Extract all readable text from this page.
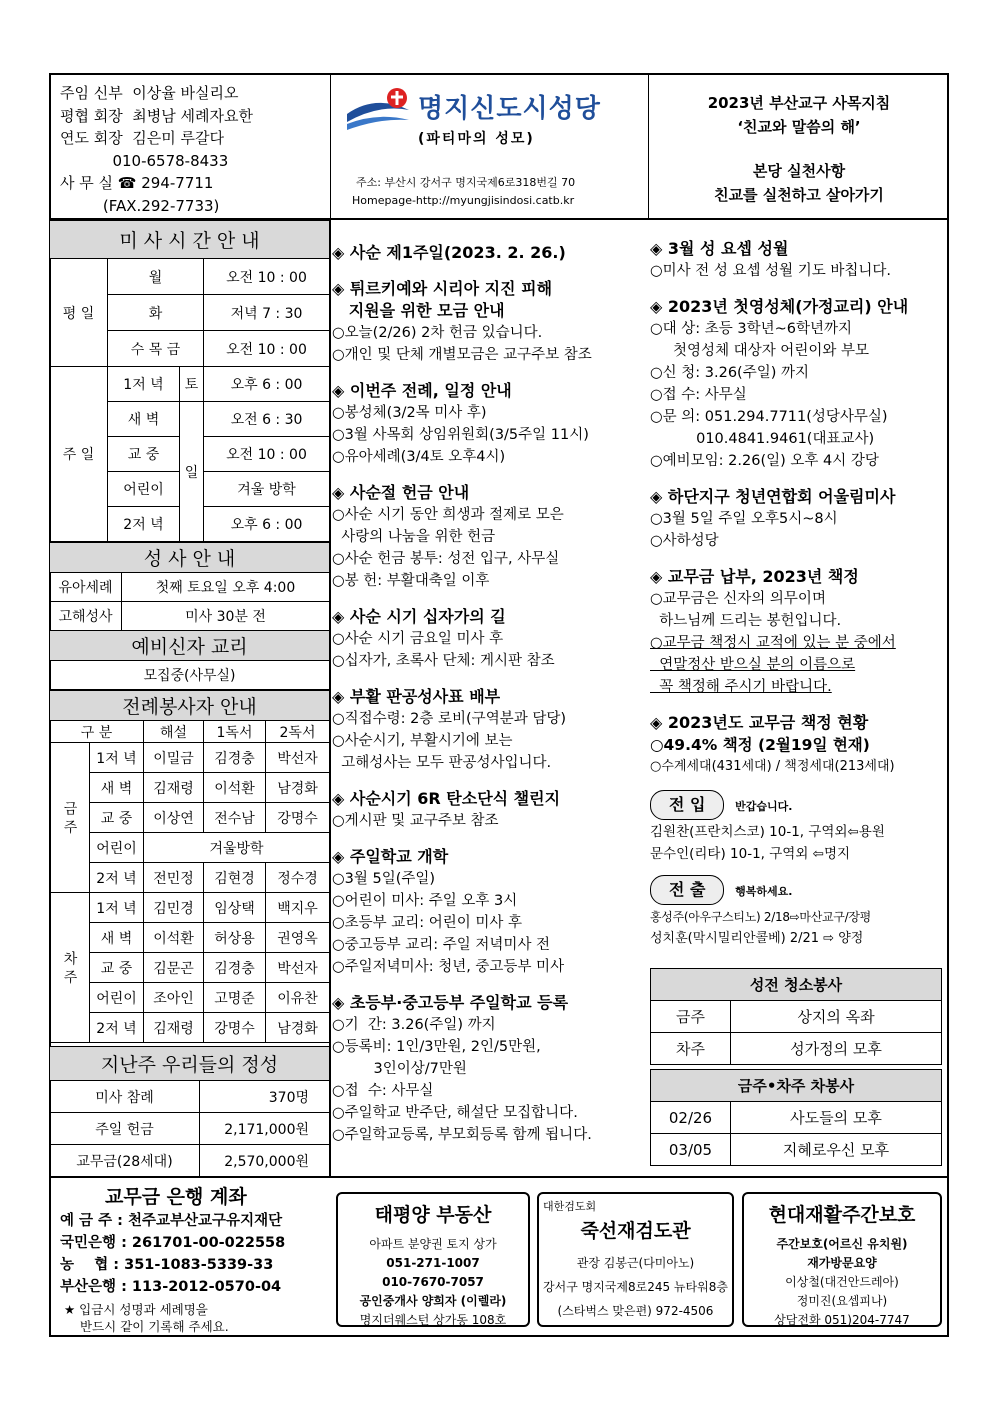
주임 신부  이상율 바실리오
평협 회장  최병남 세례자요한
연도 회장  김은미 루갈다
010-6578-8433
사 무 실 ☎ 294-7711
(FAX.292-7733)
명지신도시성당
(파티마의 성모)
주소: 부산시 강서구 명지국제6로318번길 70
Homepage-http://myungjisindosi.catb.kr
2023년 부산교구 사목지침
‘친교와 말씀의 해’
본당 실천사항
친교를 실천하고 살아가기
미 사 시 간 안 내			
평 일	월		오전 10 : 00
	화		저녁 7 : 30
	수 목 금		오전 10 : 00
주 일	1저 녁	토	오후 6 : 00
	새 벽	일	오전 6 : 30
	교 중		오전 10 : 00
	어린이		겨울 방학
	2저 녁		오후 6 : 00
성 사 안 내	
유아세례	첫째 토요일 오후 4:00
고해성사	미사 30분 전
예비신자 교리	
모집중(사무실)	
전례봉사자 안내				
구 분		해설	1독서	2독서
금 주	1저 녁	이밀금	김경충	박선자
	새 벽	김재령	이석환	남경화
	교 중	이상연	전수남	강명수
	어린이	겨울방학		
	2저 녁	전민정	김현경	정수경
차 주	1저 녁	김민경	임상택	백지우
	새 벽	이석환	허상용	권영옥
	교 중	김문곤	김경충	박선자
	어린이	조아인	고명준	이유찬
	2저 녁	김재령	강명수	남경화
지난주 우리들의 정성	
미사 참례	370명
주일 헌금	2,171,000원
교무금(28세대)	2,570,000원
◈ 사순 제1주일(2023. 2. 26.)
◈ 튀르키예와 시리아 지진 피해
지원을 위한 모금 안내
○오늘(2/26) 2차 헌금 있습니다.
○개인 및 단체 개별모금은 교구주보 참조
◈ 이번주 전례, 일정 안내
○봉성체(3/2목 미사 후)
○3월 사목회 상임위원회(3/5주일 11시)
○유아세례(3/4토 오후4시)
◈ 사순절 헌금 안내
○사순 시기 동안 희생과 절제로 모은
사랑의 나눔을 위한 헌금
○사순 헌금 봉투: 성전 입구, 사무실
○봉 헌: 부활대축일 이후
◈ 사순 시기 십자가의 길
○사순 시기 금요일 미사 후
○십자가, 초록사 단체: 게시판 참조
◈ 부활 판공성사표 배부
○직접수령: 2층 로비(구역분과 담당)
○사순시기, 부활시기에 보는
고해성사는 모두 판공성사입니다.
◈ 사순시기 6R 탄소단식 챌린지
○게시판 및 교구주보 참조
◈ 주일학교 개학
○3월 5일(주일)
○어린이 미사: 주일 오후 3시
○초등부 교리: 어린이 미사 후
○중고등부 교리: 주일 저녁미사 전
○주일저녁미사: 청년, 중고등부 미사
◈ 초등부·중고등부 주일학교 등록
○기  간: 3.26(주일) 까지
○등록비: 1인/3만원, 2인/5만원,
3인이상/7만원
○접  수: 사무실
○주일학교 반주단, 해설단 모집합니다.
○주일학교등록, 부모회등록 함께 됩니다.
◈ 3월 성 요셉 성월
○미사 전 성 요셉 성월 기도 바칩니다.
◈ 2023년 첫영성체(가정교리) 안내
○대 상: 초등 3학년~6학년까지
첫영성체 대상자 어린이와 부모
○신 청: 3.26(주일) 까지
○접 수: 사무실
○문 의: 051.294.7711(성당사무실)
010.4841.9461(대표교사)
○예비모임: 2.26(일) 오후 4시 강당
◈ 하단지구 청년연합회 어울림미사
○3월 5일 주일 오후5시~8시
○사하성당
◈ 교무금 납부, 2023년 책정
○교무금은 신자의 의무이며
하느님께 드리는 봉헌입니다.
○교무금 책정시 교적에 있는 분 중에서
연말정산 받으실 분의 이름으로
꼭 책정해 주시기 바랍니다.
◈ 2023년도 교무금 책정 현황
○49.4% 책정 (2월19일 현재)
○수계세대(431세대) / 책정세대(213세대)
전 입	반갑습니다.
김원찬(프란치스코) 10-1, 구역외⇦용원
문수인(리타) 10-1, 구역외 ⇦명지
전 출	행복하세요.
홍성주(아우구스티노) 2/18⇨마산교구/장평
성치훈(막시밀리안콜베) 2/21 ⇨ 양정
성전 청소봉사	
금주	상지의 옥좌
차주	성가정의 모후
금주•차주 차봉사	
02/26	사도들의 모후
03/05	지혜로우신 모후
교무금 은행 계좌
예 금 주 : 천주교부산교구유지재단
국민은행 : 261701-00-022558
농    협 : 351-1083-5339-33
부산은행 : 113-2012-0570-04
★ 입금시 성명과 세례명을
반드시 같이 기록해 주세요.
태평양 부동산
아파트 분양권 토지 상가
051-271-1007
010-7670-7057
공인중개사 양희자 (이렐라)
명지더웨스턴 상가동 108호
대한검도회
죽선재검도관
관장 김봉근(다미아노)
강서구 명지국제8로245 뉴타워8층
(스타벅스 맞은편) 972-4506
현대재활주간보호
주간보호(어르신 유치원)
재가방문요양
이상철(대건안드레아)
정미진(요셉피나)
상담전화 051)204-7747
